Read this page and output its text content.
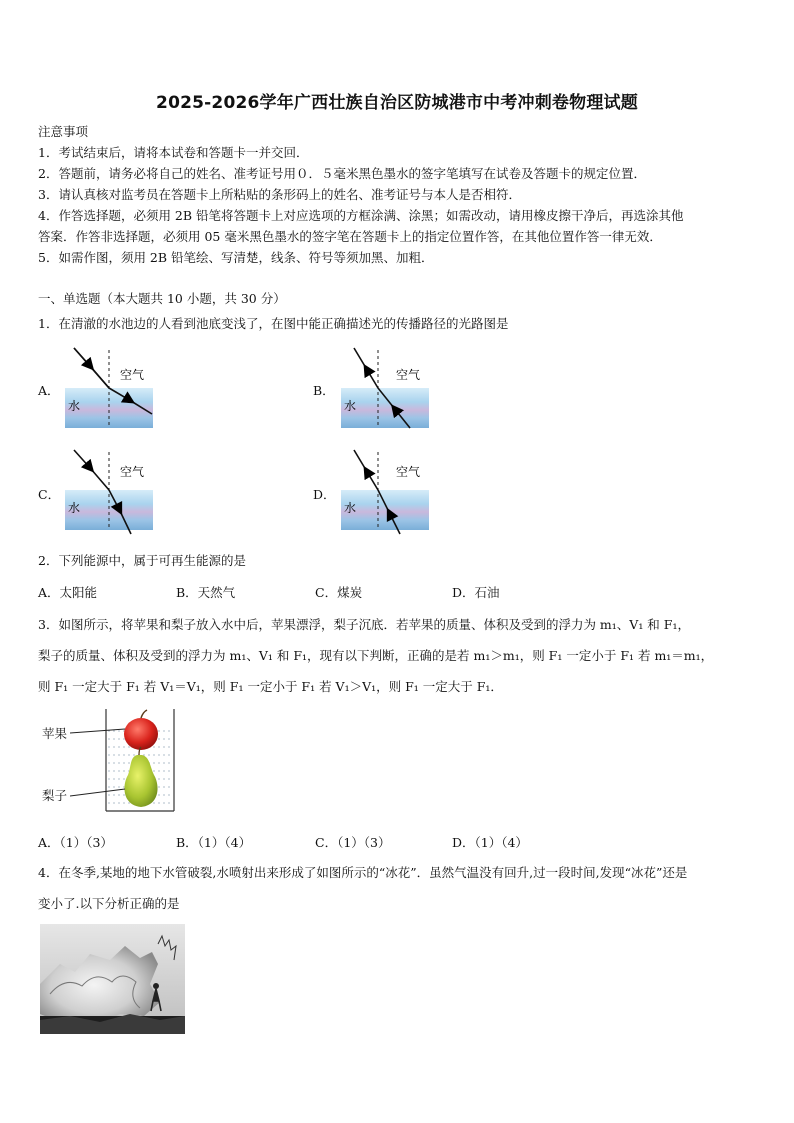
2025-2026学年广西壮族自治区防城港市中考冲刺卷物理试题
注意事项
1．考试结束后，请将本试卷和答题卡一并交回．
2．答题前，请务必将自己的姓名、准考证号用０．５毫米黑色墨水的签字笔填写在试卷及答题卡的规定位置．
3．请认真核对监考员在答题卡上所粘贴的条形码上的姓名、准考证号与本人是否相符．
4．作答选择题，必须用 2B 铅笔将答题卡上对应选项的方框涂满、涂黑；如需改动，请用橡皮擦干净后，再选涂其他
答案．作答非选择题，必须用 05 毫米黑色墨水的签字笔在答题卡上的指定位置作答，在其他位置作答一律无效．
5．如需作图，须用 2B 铅笔绘、写清楚，线条、符号等须加黑、加粗．
一、单选题（本大题共 10 小题，共 30 分）
1．在清澈的水池边的人看到池底变浅了，在图中能正确描述光的传播路径的光路图是
A．
空气
水
B．
空气
水
C．
空气
水
D．
空气
水
2．下列能源中，属于可再生能源的是
A．太阳能	B．天然气	C．煤炭	D．石油
3．如图所示，将苹果和梨子放入水中后，苹果漂浮，梨子沉底．若苹果的质量、体积及受到的浮力为 m₁、V₁ 和 F₁，
梨子的质量、体积及受到的浮力为 m₁、V₁ 和 F₁，现有以下判断，正确的是若 m₁＞m₁，则 F₁ 一定小于 F₁ 若 m₁＝m₁，
则 F₁ 一定大于 F₁ 若 V₁＝V₁，则 F₁ 一定小于 F₁ 若 V₁＞V₁，则 F₁ 一定大于 F₁．
苹果
梨子
A．（1）（3）	B．（1）（4）	C．（1）（3）	D．（1）（4）
4．在冬季,某地的地下水管破裂,水喷射出来形成了如图所示的“冰花”．虽然气温没有回升,过一段时间,发现“冰花”还是
变小了.以下分析正确的是
